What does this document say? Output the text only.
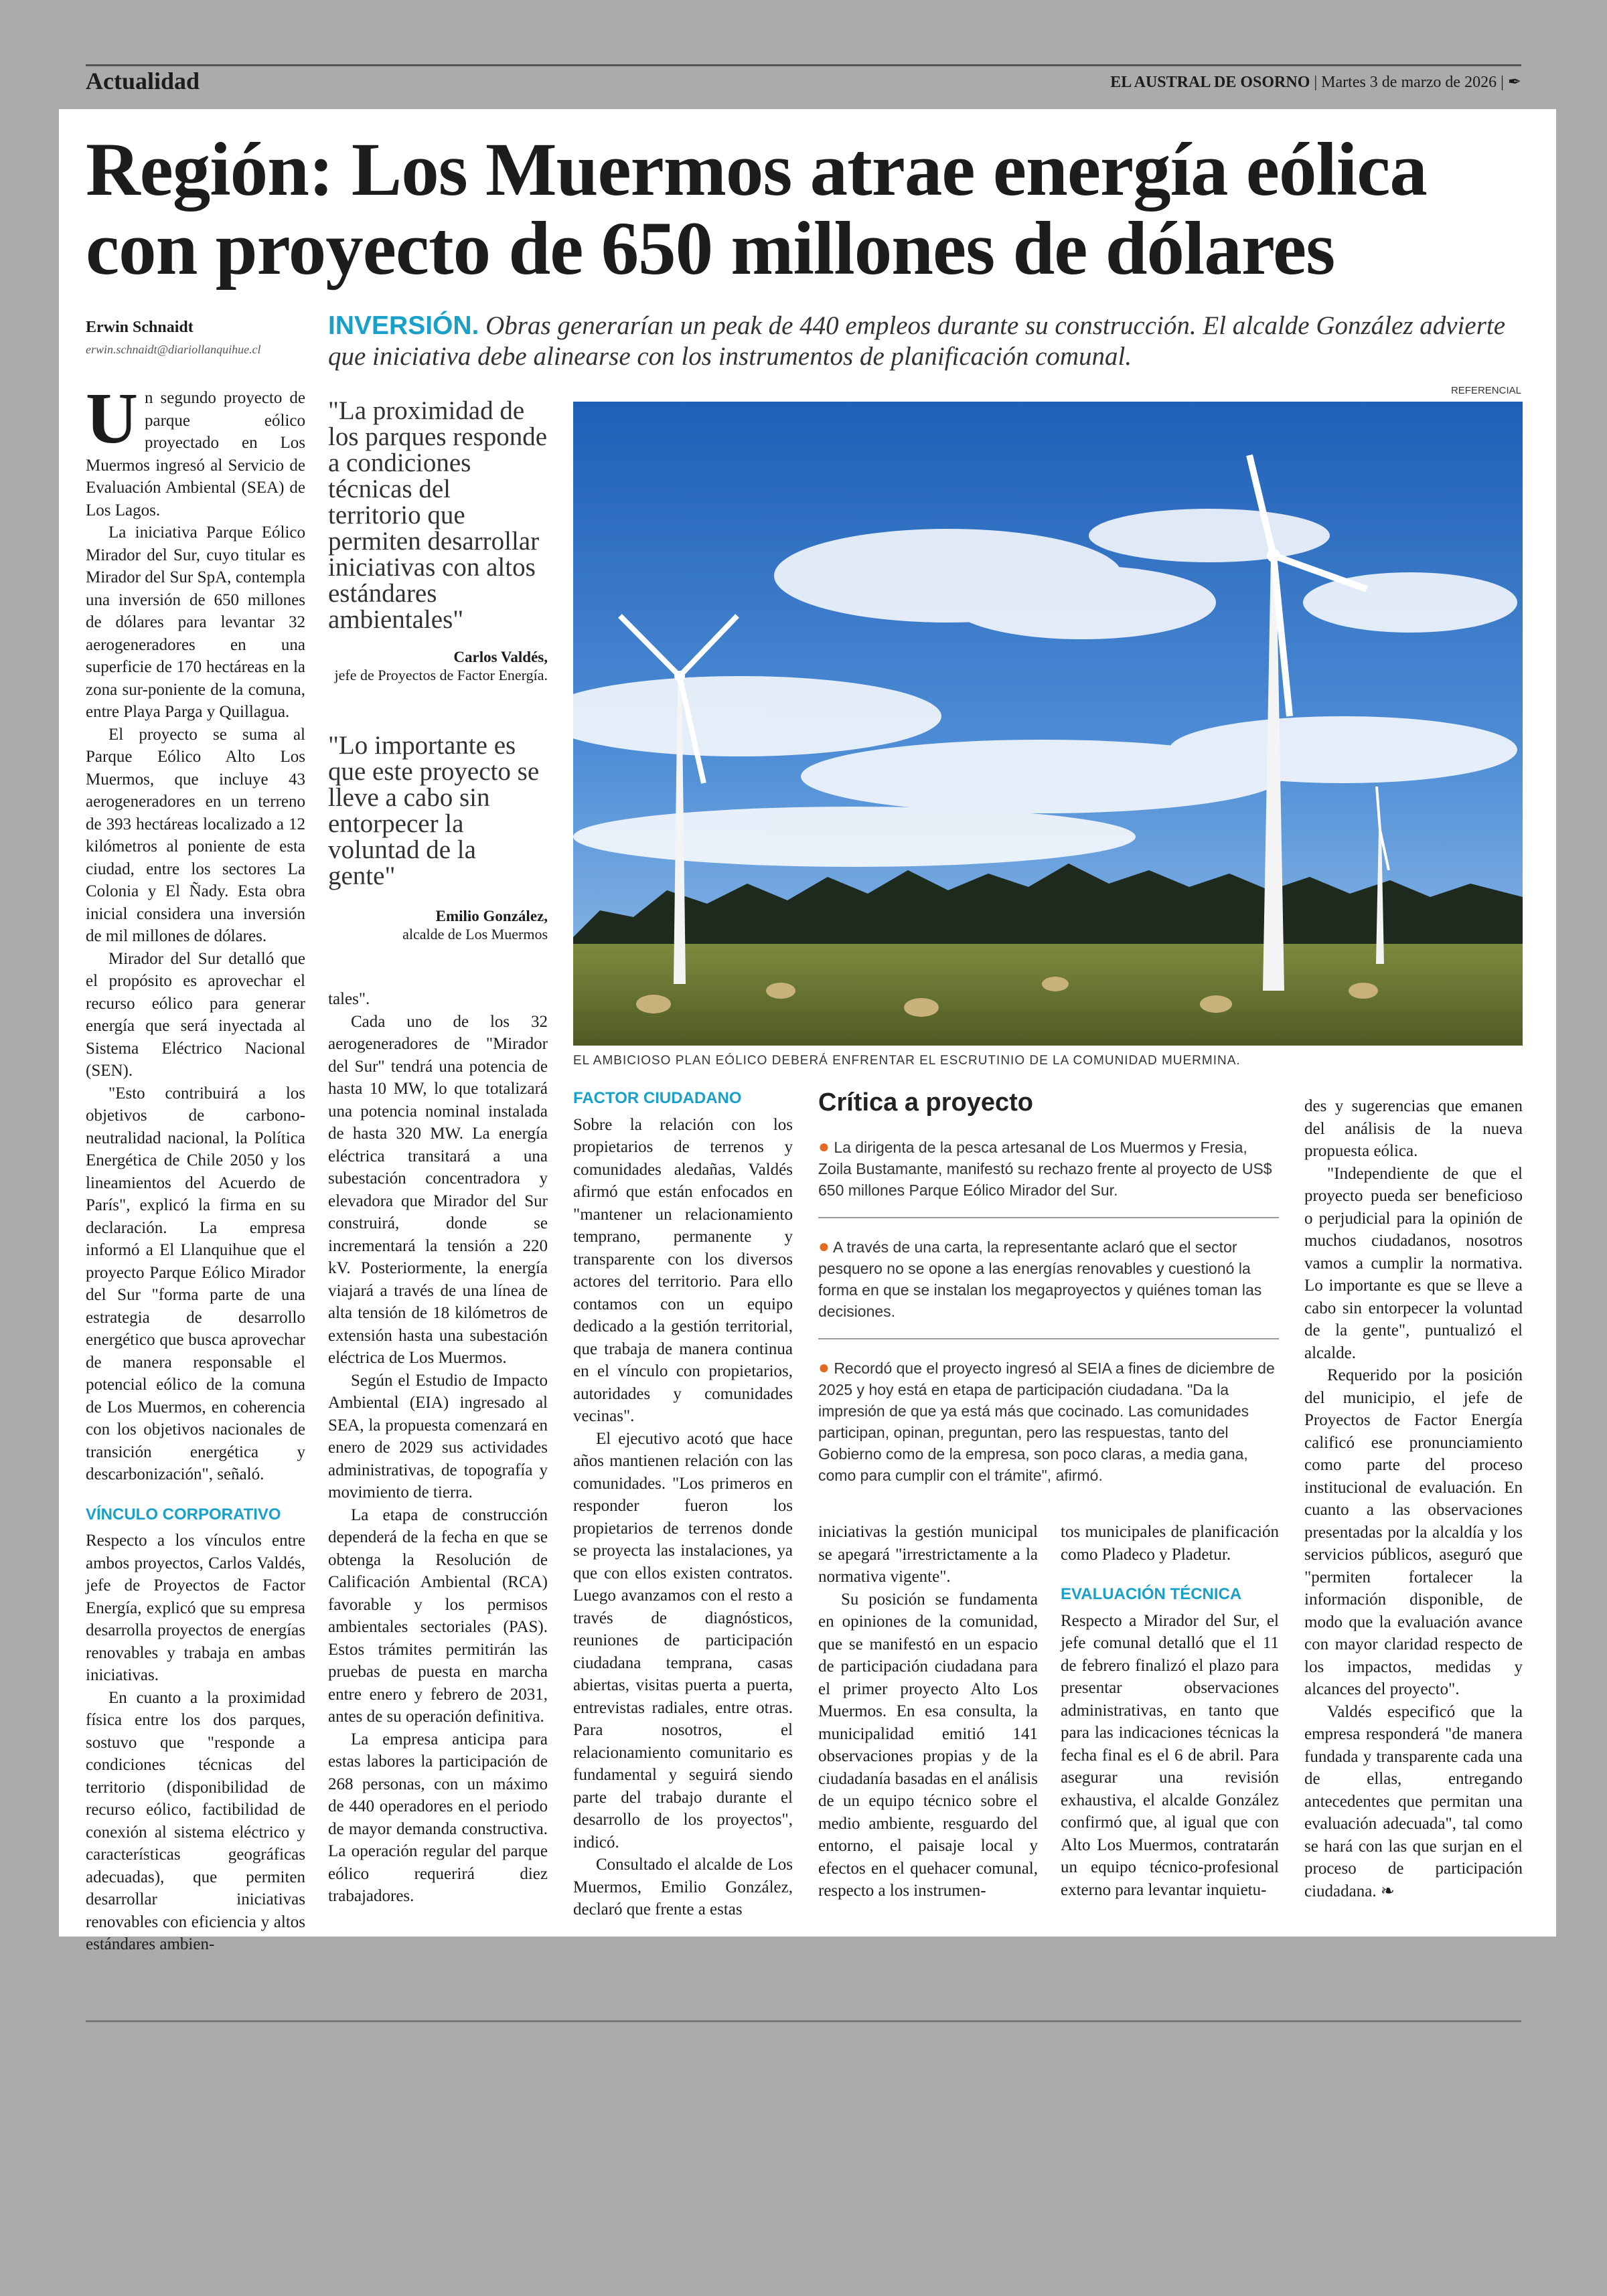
Actualidad	EL AUSTRAL DE OSORNO | Martes 3 de marzo de 2026 | ✒
Región: Los Muermos atrae energía eólica
con proyecto de 650 millones de dólares
Erwin Schnaidt
erwin.schnaidt@diariollanquihue.cl
INVERSIÓN. Obras generarían un peak de 440 empleos durante su construcción. El alcalde González advierte que iniciativa debe alinearse con los instrumentos de planificación comunal.

Un segundo proyecto de parque eólico proyectado en Los Muermos ingresó al Servicio de Evaluación Ambiental (SEA) de Los Lagos.

La iniciativa Parque Eólico Mirador del Sur, cuyo titular es Mirador del Sur SpA, contempla una inversión de 650 millones de dólares para levantar 32 aerogeneradores en una superficie de 170 hectáreas en la zona sur-poniente de la comuna, entre Playa Parga y Quillagua.

El proyecto se suma al Parque Eólico Alto Los Muermos, que incluye 43 aerogeneradores en un terreno de 393 hectáreas localizado a 12 kilómetros al poniente de esta ciudad, entre los sectores La Colonia y El Ñady. Esta obra inicial considera una inversión de mil millones de dólares.

Mirador del Sur detalló que el propósito es aprovechar el recurso eólico para generar energía que será inyectada al Sistema Eléctrico Nacional (SEN).

"Esto contribuirá a los objetivos de carbono-neutralidad nacional, la Política Energética de Chile 2050 y los lineamientos del Acuerdo de París", explicó la firma en su declaración. La empresa informó a El Llanquihue que el proyecto Parque Eólico Mirador del Sur "forma parte de una estrategia de desarrollo energético que busca aprovechar de manera responsable el potencial eólico de la comuna de Los Muermos, en coherencia con los objetivos nacionales de transición energética y descarbonización", señaló.

VÍNCULO CORPORATIVO

Respecto a los vínculos entre ambos proyectos, Carlos Valdés, jefe de Proyectos de Factor Energía, explicó que su empresa desarrolla proyectos de energías renovables y trabaja en ambas iniciativas.

En cuanto a la proximidad física entre los dos parques, sostuvo que "responde a condiciones técnicas del territorio (disponibilidad de recurso eólico, factibilidad de conexión al sistema eléctrico y características geográficas adecuadas), que permiten desarrollar iniciativas renovables con eficiencia y altos estándares ambien-

"La proximidad de los parques responde a condiciones técnicas del territorio que permiten desarrollar iniciativas con altos estándares ambientales"
Carlos Valdés,
jefe de Proyectos de Factor Energía.
"Lo importante es que este proyecto se lleve a cabo sin entorpecer la voluntad de la gente"
Emilio González,
alcalde de Los Muermos

tales".

Cada uno de los 32 aerogeneradores de "Mirador del Sur" tendrá una potencia de hasta 10 MW, lo que totalizará una potencia nominal instalada de hasta 320 MW. La energía eléctrica transitará a una subestación concentradora y elevadora que Mirador del Sur construirá, donde se incrementará la tensión a 220 kV. Posteriormente, la energía viajará a través de una línea de alta tensión de 18 kilómetros de extensión hasta una subestación eléctrica de Los Muermos.

Según el Estudio de Impacto Ambiental (EIA) ingresado al SEA, la propuesta comenzará en enero de 2029 sus actividades administrativas, de topografía y movimiento de tierra.

La etapa de construcción dependerá de la fecha en que se obtenga la Resolución de Calificación Ambiental (RCA) favorable y los permisos ambientales sectoriales (PAS). Estos trámites permitirán las pruebas de puesta en marcha entre enero y febrero de 2031, antes de su operación definitiva.

La empresa anticipa para estas labores la participación de 268 personas, con un máximo de 440 operadores en el periodo de mayor demanda constructiva. La operación regular del parque eólico requerirá diez trabajadores.

REFERENCIAL
EL AMBICIOSO PLAN EÓLICO DEBERÁ ENFRENTAR EL ESCRUTINIO DE LA COMUNIDAD MUERMINA.
FACTOR CIUDADANO

Sobre la relación con los propietarios de terrenos y comunidades aledañas, Valdés afirmó que están enfocados en "mantener un relacionamiento temprano, permanente y transparente con los diversos actores del territorio. Para ello contamos con un equipo dedicado a la gestión territorial, que trabaja de manera continua en el vínculo con propietarios, autoridades y comunidades vecinas".

El ejecutivo acotó que hace años mantienen relación con las comunidades. "Los primeros en responder fueron los propietarios de terrenos donde se proyecta las instalaciones, ya que con ellos existen contratos. Luego avanzamos con el resto a través de diagnósticos, reuniones de participación ciudadana temprana, casas abiertas, visitas puerta a puerta, entrevistas radiales, entre otras. Para nosotros, el relacionamiento comunitario es fundamental y seguirá siendo parte del trabajo durante el desarrollo de los proyectos", indicó.

Consultado el alcalde de Los Muermos, Emilio González, declaró que frente a estas

Crítica a proyecto
● La dirigenta de la pesca artesanal de Los Muermos y Fresia, Zoila Bustamante, manifestó su rechazo frente al proyecto de US$ 650 millones Parque Eólico Mirador del Sur.
● A través de una carta, la representante aclaró que el sector pesquero no se opone a las energías renovables y cuestionó la forma en que se instalan los megaproyectos y quiénes toman las decisiones.
● Recordó que el proyecto ingresó al SEIA a fines de diciembre de 2025 y hoy está en etapa de participación ciudadana. "Da la impresión de que ya está más que cocinado. Las comunidades participan, opinan, preguntan, pero las respuestas, tanto del Gobierno como de la empresa, son poco claras, a media gana, como para cumplir con el trámite", afirmó.

iniciativas la gestión municipal se apegará "irrestrictamente a la normativa vigente".

Su posición se fundamenta en opiniones de la comunidad, que se manifestó en un espacio de participación ciudadana para el primer proyecto Alto Los Muermos. En esa consulta, la municipalidad emitió 141 observaciones propias y de la ciudadanía basadas en el análisis de un equipo técnico sobre el medio ambiente, resguardo del entorno, el paisaje local y efectos en el quehacer comunal, respecto a los instrumen-

tos municipales de planificación como Pladeco y Pladetur.

EVALUACIÓN TÉCNICA

Respecto a Mirador del Sur, el jefe comunal detalló que el 11 de febrero finalizó el plazo para presentar observaciones administrativas, en tanto que para las indicaciones técnicas la fecha final es el 6 de abril. Para asegurar una revisión exhaustiva, el alcalde González confirmó que, al igual que con Alto Los Muermos, contratarán un equipo técnico-profesional externo para levantar inquietu-

des y sugerencias que emanen del análisis de la nueva propuesta eólica.

"Independiente de que el proyecto pueda ser beneficioso o perjudicial para la opinión de muchos ciudadanos, nosotros vamos a cumplir la normativa. Lo importante es que se lleve a cabo sin entorpecer la voluntad de la gente", puntualizó el alcalde.

Requerido por la posición del municipio, el jefe de Proyectos de Factor Energía calificó ese pronunciamiento como parte del proceso institucional de evaluación. En cuanto a las observaciones presentadas por la alcaldía y los servicios públicos, aseguró que "permiten fortalecer la información disponible, de modo que la evaluación avance con mayor claridad respecto de los impactos, medidas y alcances del proyecto".

Valdés especificó que la empresa responderá "de manera fundada y transparente cada una de ellas, entregando antecedentes que permitan una evaluación adecuada", tal como se hará con las que surjan en el proceso de participación ciudadana. ❧
